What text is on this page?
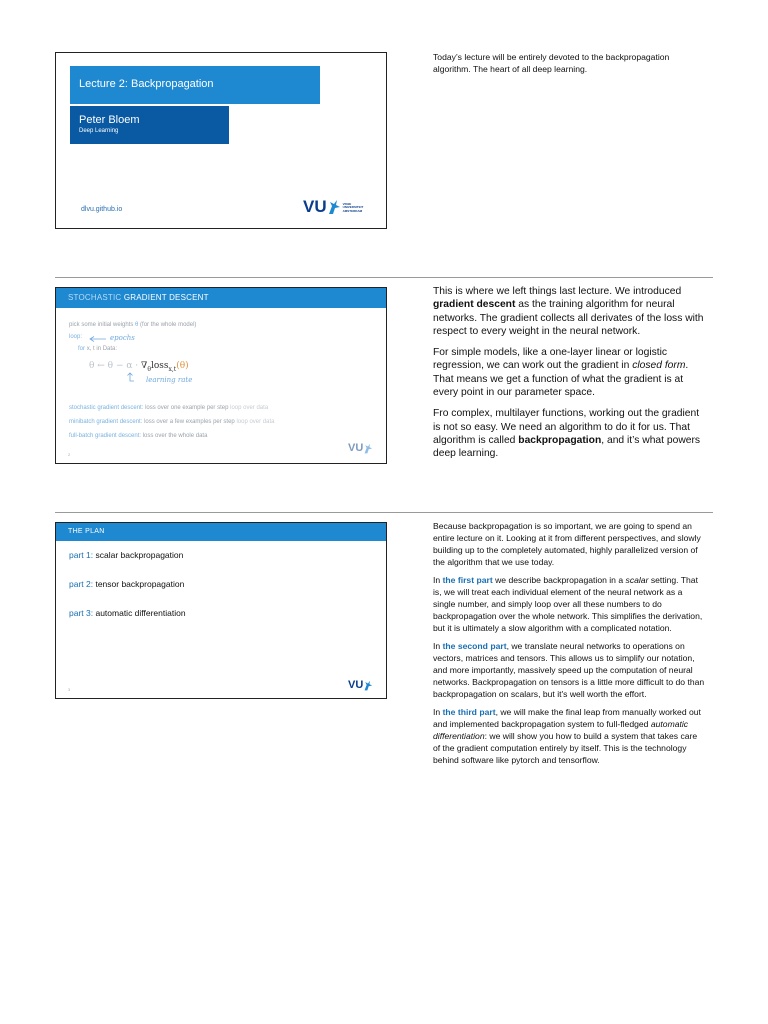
Lecture 2: Backpropagation
Peter Bloem
Deep Learning
dlvu.github.io	VU	VRIJE
UNIVERSITEIT
AMSTERDAM

Today’s lecture will be entirely devoted to the backpropagation algorithm. The heart of all deep learning.

STOCHASTIC GRADIENT DESCENT
pick some initial weights θ (for the whole model)
loop:	epochs
for x, t in Data:
θ ← $\theta - \alpha \cdot \nabla_\theta loss_{x,t}(\theta)$
learning rate
stochastic gradient descent: loss over one example per step loop over data
minibatch gradient descent: loss over a few examples per step loop over data
full-batch gradient descent: loss over the whole data
2
VU

This is where we left things last lecture. We introduced gradient descent as the training algorithm for neural networks. The gradient collects all derivates of the loss with respect to every weight in the neural network.

For simple models, like a one-layer linear or logistic regression, we can work out the gradient in closed form. That means we get a function of what the gradient is at every point in our parameter space.

Fro complex, multilayer functions, working out the gradient is not so easy. We need an algorithm to do it for us. That algorithm is called backpropagation, and it’s what powers deep learning.

THE PLAN
part 1: scalar backpropagation
part 2: tensor backpropagation
part 3: automatic differentiation
3	VU

Because backpropagation is so important, we are going to spend an entire lecture on it. Looking at it from different perspectives, and slowly building up to the completely automated, highly parallelized version of the algorithm that we use today.

In the first part we describe backpropagation in a scalar setting. That is, we will treat each individual element of the neural network as a single number, and simply loop over all these numbers to do backpropagation over the whole network. This simplifies the derivation, but it is ultimately a slow algorithm with a complicated notation.

In the second part, we translate neural networks to operations on vectors, matrices and tensors. This allows us to simplify our notation, and more importantly, massively speed up the computation of neural networks. Backpropagation on tensors is a little more difficult to do than backpropagation on scalars, but it's well worth the effort.

In the third part, we will make the final leap from manually worked out and implemented backpropagation system to full-fledged automatic differentiation: we will show you how to build a system that takes care of the gradient computation entirely by itself. This is the technology behind software like pytorch and tensorflow.
